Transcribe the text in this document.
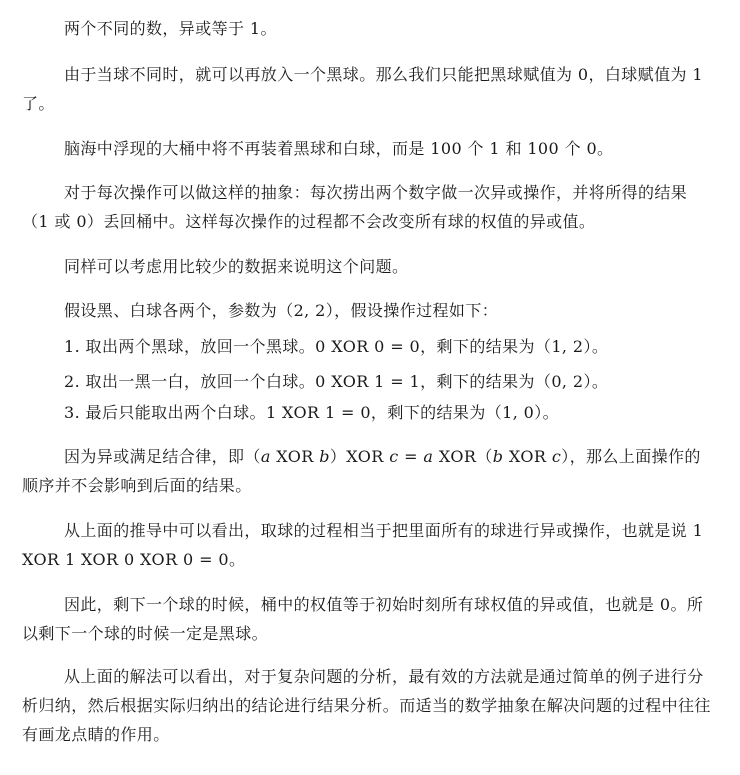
两个不同的数，异或等于 1。

由于当球不同时，就可以再放入一个黑球。那么我们只能把黑球赋值为 0，白球赋值为 1 了。

脑海中浮现的大桶中将不再装着黑球和白球，而是 100 个 1 和 100 个 0。

对于每次操作可以做这样的抽象：每次捞出两个数字做一次异或操作，并将所得的结果（1 或 0）丢回桶中。这样每次操作的过程都不会改变所有球的权值的异或值。

同样可以考虑用比较少的数据来说明这个问题。

假设黑、白球各两个，参数为（2, 2），假设操作过程如下：

1. 取出两个黑球，放回一个黑球。0 XOR 0 = 0，剩下的结果为（1, 2）。

2. 取出一黑一白，放回一个白球。0 XOR 1 = 1，剩下的结果为（0, 2）。

3. 最后只能取出两个白球。1 XOR 1 = 0，剩下的结果为（1, 0）。

因为异或满足结合律，即（a XOR b）XOR c = a XOR（b XOR c），那么上面操作的顺序并不会影响到后面的结果。

从上面的推导中可以看出，取球的过程相当于把里面所有的球进行异或操作，也就是说 1 XOR 1 XOR 0 XOR 0 = 0。

因此，剩下一个球的时候，桶中的权值等于初始时刻所有球权值的异或值，也就是 0。所以剩下一个球的时候一定是黑球。

从上面的解法可以看出，对于复杂问题的分析，最有效的方法就是通过简单的例子进行分析归纳，然后根据实际归纳出的结论进行结果分析。而适当的数学抽象在解决问题的过程中往往有画龙点睛的作用。
